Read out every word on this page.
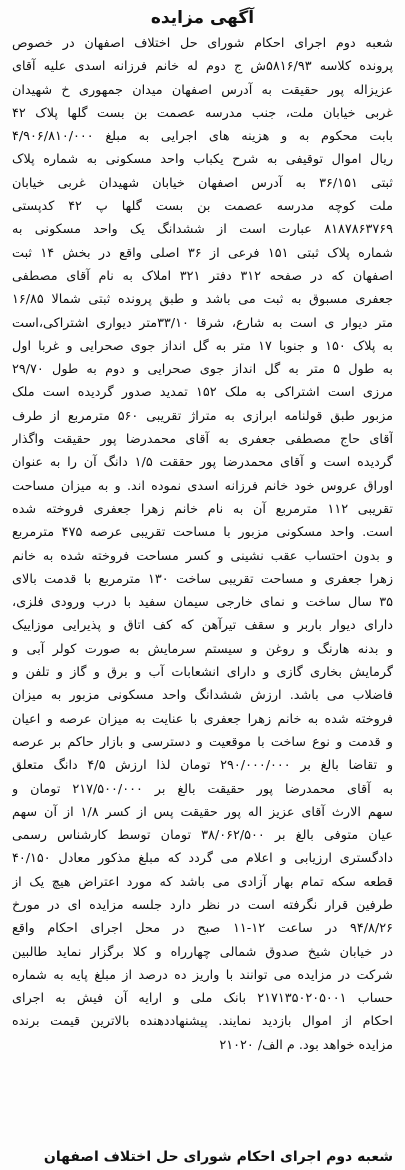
آگهی مزایده
شعبه دوم اجرای احکام شورای حل اختلاف اصفهان در خصوص
پرونده کلاسه ۵۸۱۶/۹۳ش ج دوم له خانم فرزانه اسدی علیه آقای
عزیزاله پور حقیقت به آدرس اصفهان میدان جمهوری خ شهیدان
غربی خیابان ملت، جنب مدرسه عصمت بن بست گلها پلاک ۴۲
بابت محکوم به و هزینه های اجرایی به مبلغ ۴/۹۰۶/۸۱۰/۰۰۰
ریال اموال توقیفی به شرح یکباب واحد مسکونی به شماره پلاک
ثبتی ۳۶/۱۵۱ به آدرس اصفهان خیابان شهیدان غربی خیابان
ملت کوچه مدرسه عصمت بن بست گلها پ ۴۲ کدپستی
۸۱۸۷۸۶۳۷۶۹ عبارت است از ششدانگ یک واحد مسکونی به
شماره پلاک ثبتی ۱۵۱ فرعی از ۳۶ اصلی واقع در بخش ۱۴ ثبت
اصفهان که در صفحه ۳۱۲ دفتر ۳۲۱ املاک به نام آقای مصطفی
جعفری مسبوق به ثبت می باشد و طبق پرونده ثبتی شمالا ۱۶/۸۵
متر دیوار ی است به شارع، شرقا ۳۳/۱۰متر دیواری اشتراکی،است
به پلاک ۱۵۰ و جنوبا ۱۷ متر به گل انداز جوی صحرایی و غربا اول
به طول ۵ متر به گل انداز جوی صحرایی و دوم به طول ۲۹/۷۰
مرزی است اشتراکی به ملک ۱۵۲ تمدید صدور گردیده است ملک
مزبور طبق قولنامه ابرازی به متراژ تقریبی ۵۶۰ مترمربع از طرف
آقای حاج مصطفی جعفری به آقای محمدرضا پور حقیقت واگذار
گردیده است و آقای محمدرضا پور حققت ۱/۵ دانگ آن را به عنوان
اوراق عروس خود خانم فرزانه اسدی نموده اند. و به میزان مساحت
تقریبی ۱۱۲ مترمربع آن به نام خانم زهرا جعفری فروخته شده
است. واحد مسکونی مزبور با مساحت تقریبی عرصه ۴۷۵ مترمربع
و بدون احتساب عقب نشینی و کسر مساحت فروخته شده به خانم
زهرا جعفری و مساحت تقریبی ساخت ۱۳۰ مترمربع با قدمت بالای
۳۵ سال ساخت و نمای خارجی سیمان سفید با درب ورودی فلزی،
دارای دیوار باربر و سقف تیرآهن که کف اتاق و پذیرایی موزاییک
و بدنه هارنگ و روغن و سیستم سرمایش به صورت کولر آبی و
گرمایش بخاری گازی و دارای انشعابات آب و برق و گاز و تلفن و
فاضلاب می باشد. ارزش ششدانگ واحد مسکونی مزبور به میزان
فروخته شده به خانم زهرا جعفری با عنایت به میزان عرصه و اعیان
و قدمت و نوع ساخت با موقعیت و دسترسی و بازار حاکم بر عرصه
و تقاضا بالغ بر ۲۹۰/۰۰۰/۰۰۰ تومان لذا ارزش ۴/۵ دانگ متعلق
به آقای محمدرضا پور حقیقت بالغ بر ۲۱۷/۵۰۰/۰۰۰ تومان و
سهم الارث آقای عزیز اله پور حقیقت پس از کسر ۱/۸ از آن سهم
عیان متوفی بالغ بر ۳۸/۰۶۲/۵۰۰ تومان توسط کارشناس رسمی
دادگستری ارزیابی و اعلام می گردد که مبلغ مذکور معادل ۴۰/۱۵۰
قطعه سکه تمام بهار آزادی می باشد که مورد اعتراض هیچ یک از
طرفین قرار نگرفته است در نظر دارد جلسه مزایده ای در مورخ
۹۴/۸/۲۶ در ساعت ۱۲-۱۱ صبح در محل اجرای احکام واقع
در خیابان شیخ صدوق شمالی چهارراه و کلا برگزار نماید طالبین
شرکت در مزایده می توانند با واریز ده درصد از مبلغ پایه به شماره
حساب ۲۱۷۱۳۵۰۲۰۵۰۰۱ بانک ملی و ارایه آن فیش به اجرای
احکام از اموال بازدید نمایند. پیشنهاددهنده بالاترین قیمت برنده
مزایده خواهد بود. م الف/ ۲۱۰۲۰
شعبه دوم اجرای احکام شورای حل اختلاف اصفهان
